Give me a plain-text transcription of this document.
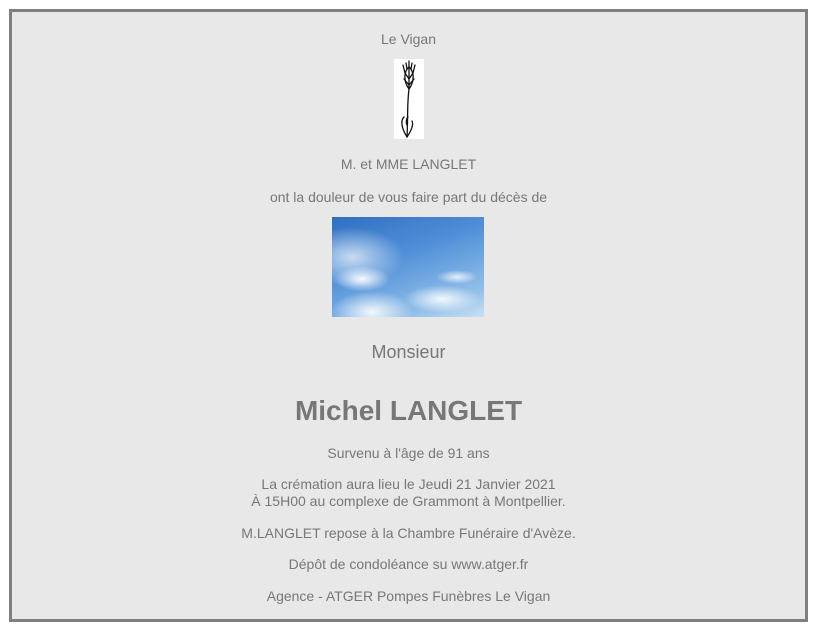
Le Vigan
M. et MME LANGLET
ont la douleur de vous faire part du décès de
Monsieur
Michel LANGLET
Survenu à l'âge de 91 ans
La crémation aura lieu le Jeudi 21 Janvier 2021
À 15H00 au complexe de Grammont à Montpellier.
M.LANGLET repose à la Chambre Funéraire d'Avèze.
Dépôt de condoléance su www.atger.fr
Agence - ATGER Pompes Funèbres Le Vigan
